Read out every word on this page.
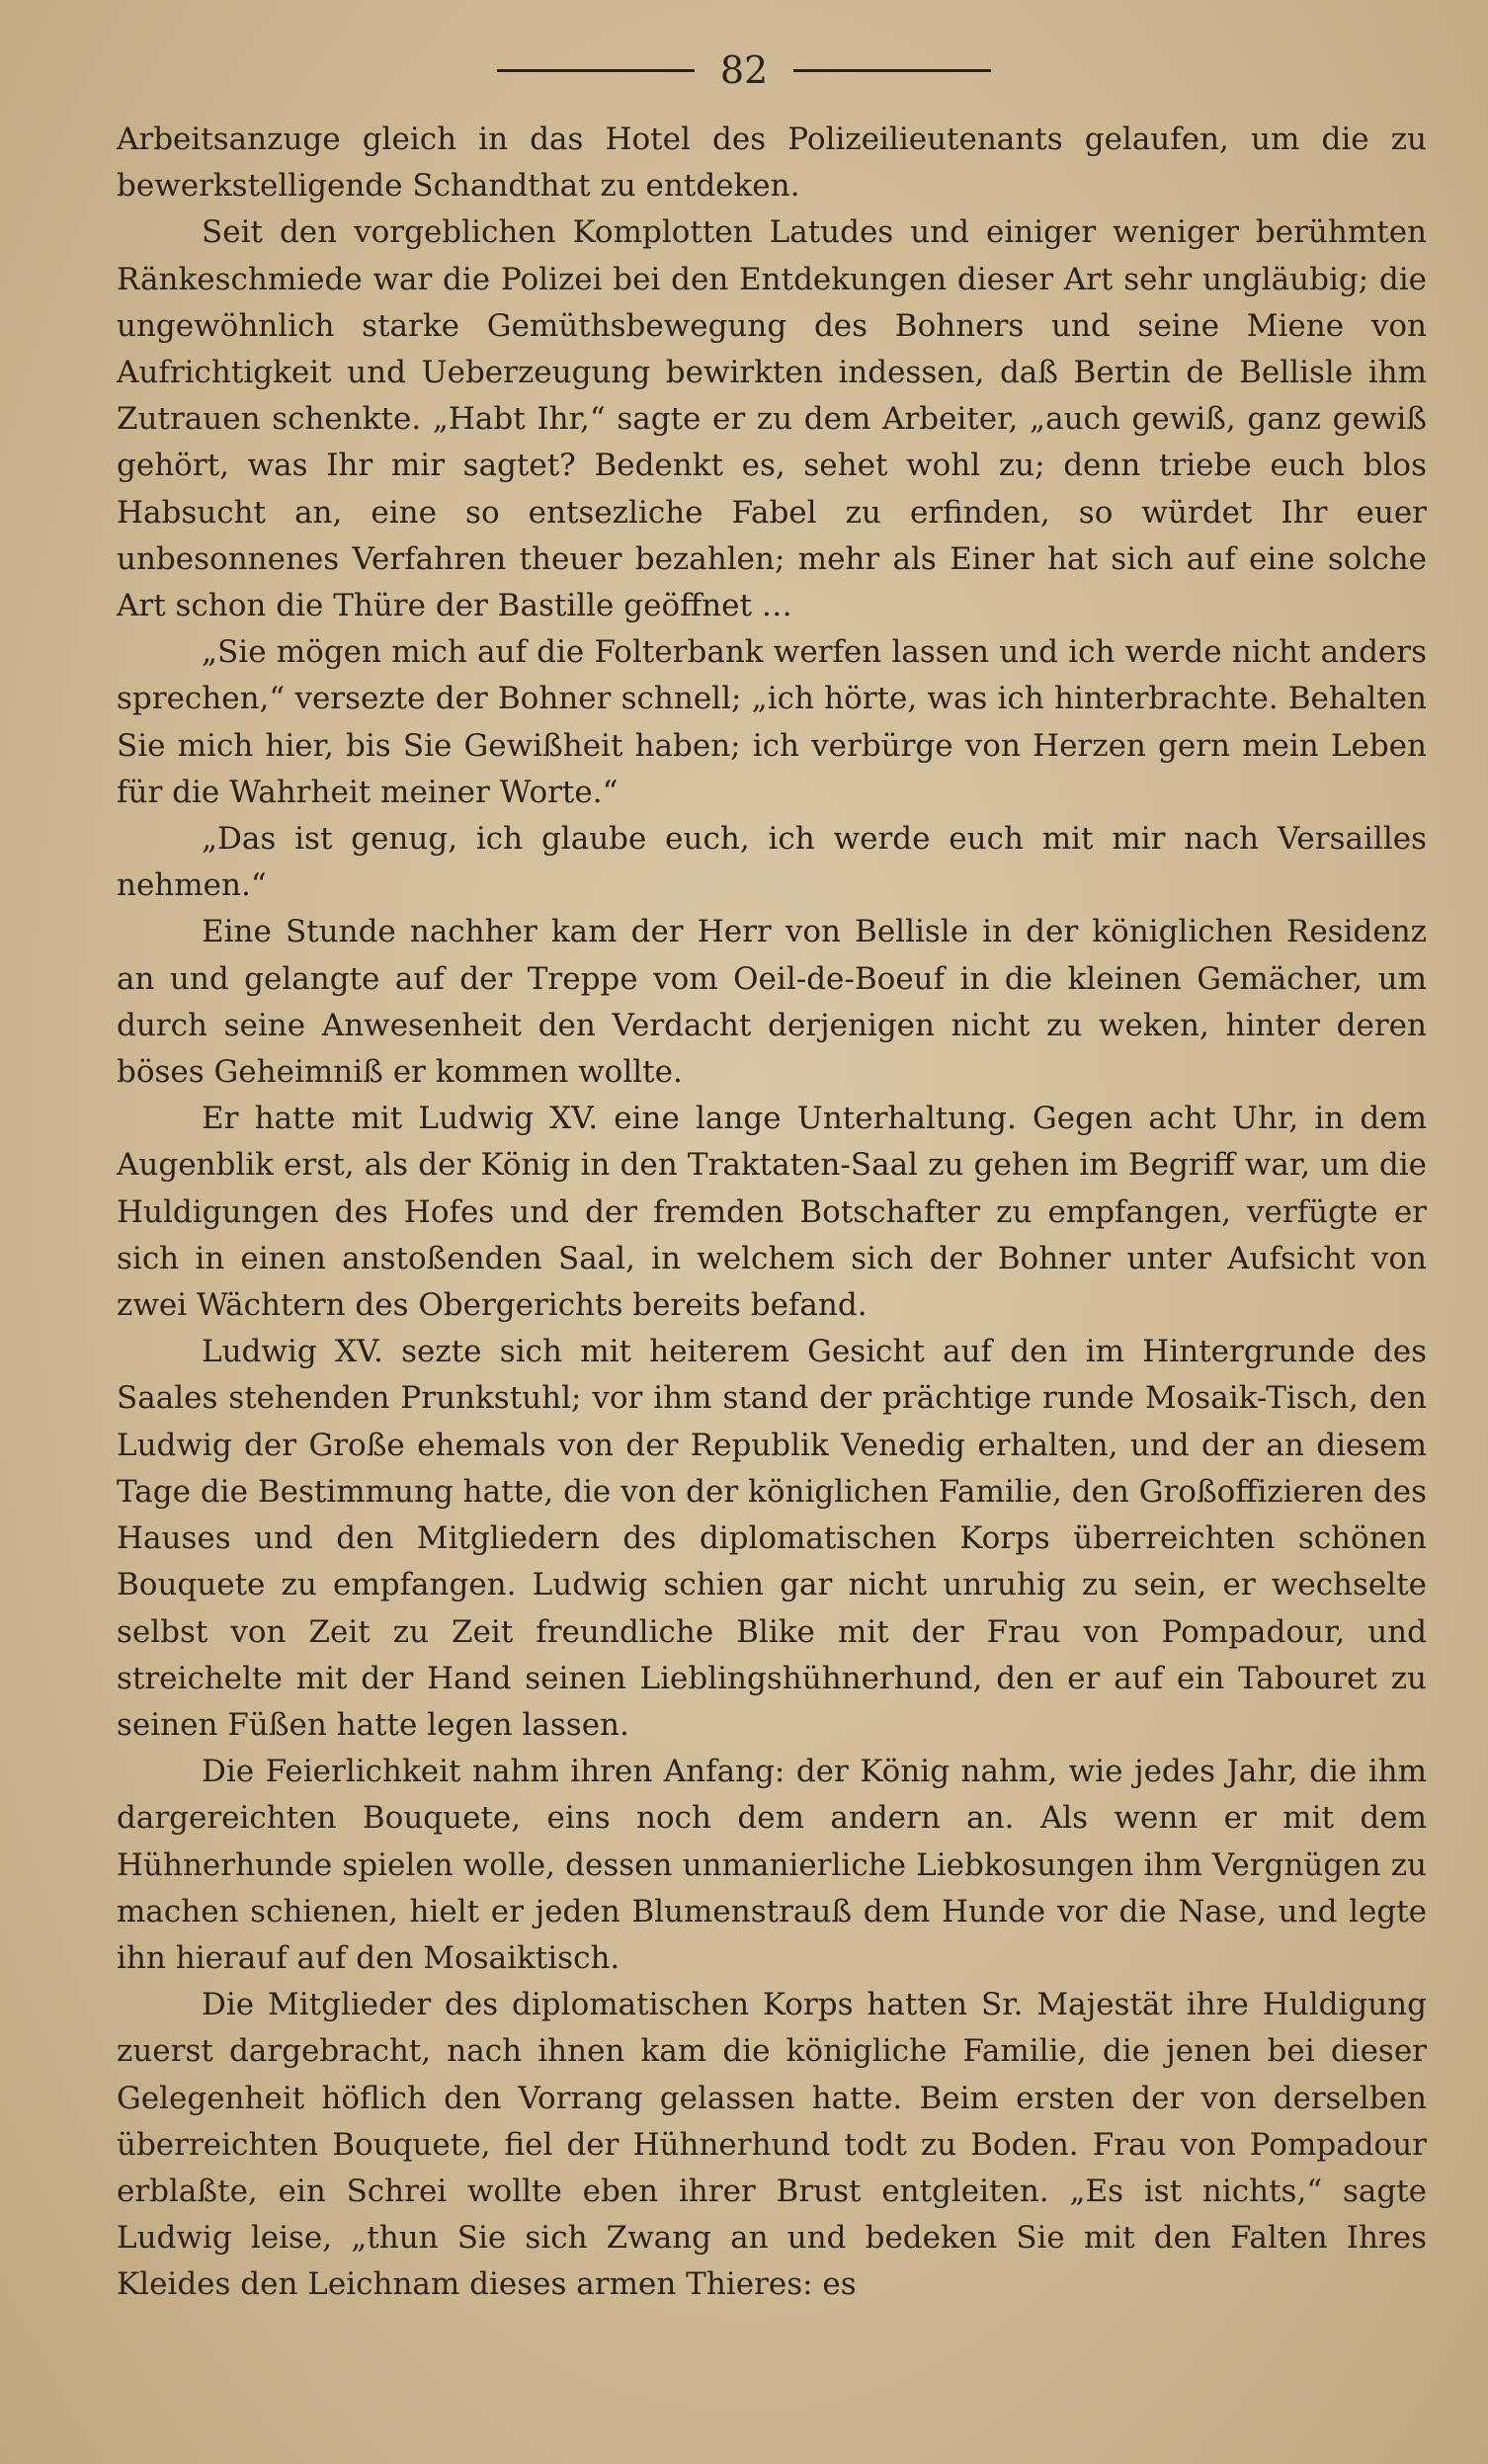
82

Arbeitsanzuge gleich in das Hotel des Polizeilieutenants gelaufen, um die zu bewerkstelligende Schandthat zu entdeken.

Seit den vorgeblichen Komplotten Latudes und einiger weniger berühmten Ränkeschmiede war die Polizei bei den Entdekungen dieser Art sehr ungläubig; die ungewöhnlich starke Gemüthsbewegung des Bohners und seine Miene von Aufrichtigkeit und Ueberzeugung bewirkten indessen, daß Bertin de Bellisle ihm Zutrauen schenkte. „Habt Ihr,“ sagte er zu dem Arbeiter, „auch gewiß, ganz gewiß gehört, was Ihr mir sagtet? Bedenkt es, sehet wohl zu; denn triebe euch blos Habsucht an, eine so entsezliche Fabel zu erfinden, so würdet Ihr euer unbesonnenes Verfahren theuer bezahlen; mehr als Einer hat sich auf eine solche Art schon die Thüre der Bastille geöffnet …

„Sie mögen mich auf die Folterbank werfen lassen und ich werde nicht anders sprechen,“ versezte der Bohner schnell; „ich hörte, was ich hinterbrachte. Behalten Sie mich hier, bis Sie Gewißheit haben; ich verbürge von Herzen gern mein Leben für die Wahrheit meiner Worte.“

„Das ist genug, ich glaube euch, ich werde euch mit mir nach Versailles nehmen.“

Eine Stunde nachher kam der Herr von Bellisle in der königlichen Residenz an und gelangte auf der Treppe vom Oeil-de-Boeuf in die kleinen Gemächer, um durch seine Anwesenheit den Verdacht derjenigen nicht zu weken, hinter deren böses Geheimniß er kommen wollte.

Er hatte mit Ludwig XV. eine lange Unterhaltung. Gegen acht Uhr, in dem Augenblik erst, als der König in den Traktaten-Saal zu gehen im Begriff war, um die Huldigungen des Hofes und der fremden Botschafter zu empfangen, verfügte er sich in einen anstoßenden Saal, in welchem sich der Bohner unter Aufsicht von zwei Wächtern des Obergerichts bereits befand.

Ludwig XV. sezte sich mit heiterem Gesicht auf den im Hintergrunde des Saales stehenden Prunkstuhl; vor ihm stand der prächtige runde Mosaik-Tisch, den Ludwig der Große ehemals von der Republik Venedig erhalten, und der an diesem Tage die Bestimmung hatte, die von der königlichen Familie, den Großoffizieren des Hauses und den Mitgliedern des diplomatischen Korps überreichten schönen Bouquete zu empfangen. Ludwig schien gar nicht unruhig zu sein, er wechselte selbst von Zeit zu Zeit freundliche Blike mit der Frau von Pompadour, und streichelte mit der Hand seinen Lieblingshühnerhund, den er auf ein Tabouret zu seinen Füßen hatte legen lassen.

Die Feierlichkeit nahm ihren Anfang: der König nahm, wie jedes Jahr, die ihm dargereichten Bouquete, eins noch dem andern an. Als wenn er mit dem Hühnerhunde spielen wolle, dessen unmanierliche Liebkosungen ihm Vergnügen zu machen schienen, hielt er jeden Blumenstrauß dem Hunde vor die Nase, und legte ihn hierauf auf den Mosaiktisch.

Die Mitglieder des diplomatischen Korps hatten Sr. Majestät ihre Huldigung zuerst dargebracht, nach ihnen kam die königliche Familie, die jenen bei dieser Gelegenheit höflich den Vorrang gelassen hatte. Beim ersten der von derselben überreichten Bouquete, fiel der Hühnerhund todt zu Boden. Frau von Pompadour erblaßte, ein Schrei wollte eben ihrer Brust entgleiten. „Es ist nichts,“ sagte Ludwig leise, „thun Sie sich Zwang an und bedeken Sie mit den Falten Ihres Kleides den Leichnam dieses armen Thieres: es
